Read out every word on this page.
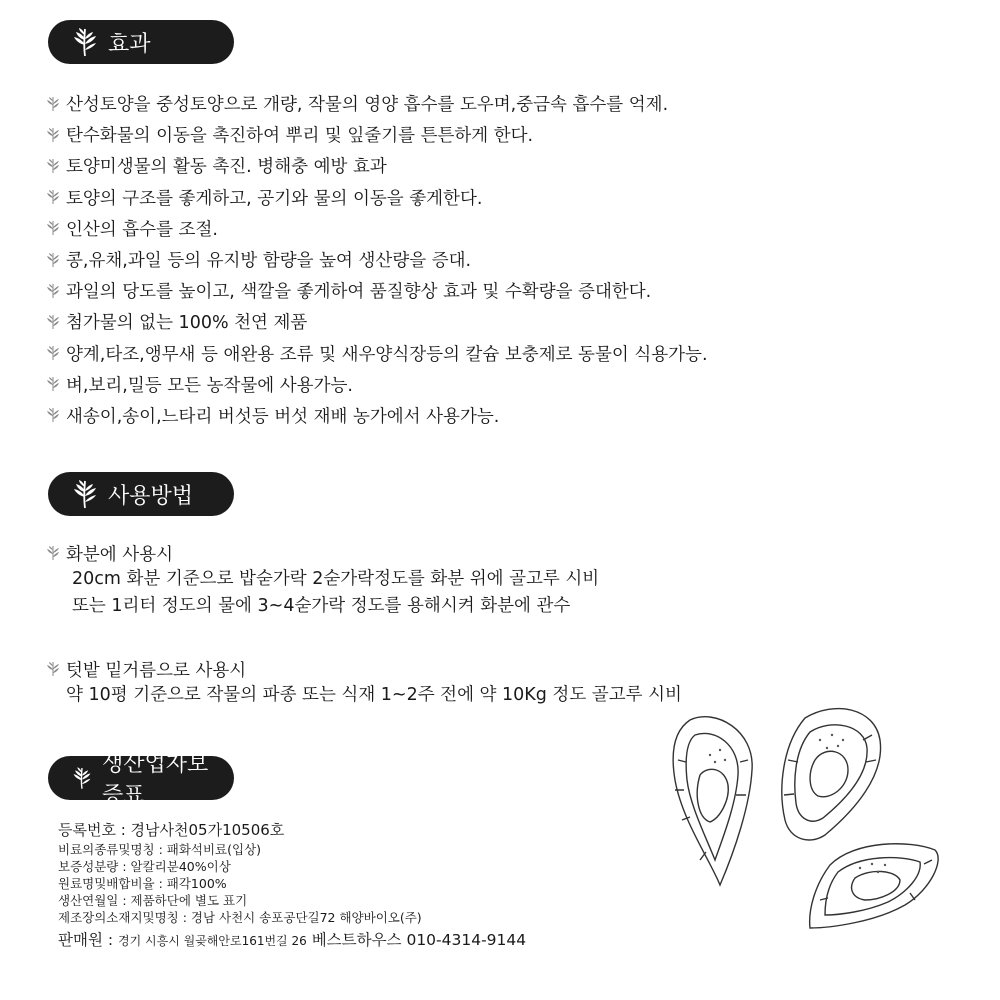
효과
산성토양을 중성토양으로 개량, 작물의 영양 흡수를 도우며,중금속 흡수를 억제.
탄수화물의 이동을 촉진하여 뿌리 및 잎줄기를 튼튼하게 한다.
토양미생물의 활동 촉진. 병해충 예방 효과
토양의 구조를 좋게하고, 공기와 물의 이동을 좋게한다.
인산의 흡수를 조절.
콩,유채,과일 등의 유지방 함량을 높여 생산량을 증대.
과일의 당도를 높이고, 색깔을 좋게하여 품질향상 효과 및 수확량을 증대한다.
첨가물의 없는 100% 천연 제품
양계,타조,앵무새 등 애완용 조류 및 새우양식장등의 칼슘 보충제로 동물이 식용가능.
벼,보리,밀등 모든 농작물에 사용가능.
새송이,송이,느타리 버섯등 버섯 재배 농가에서 사용가능.
사용방법
화분에 사용시
20cm 화분 기준으로 밥숟가락 2숟가락정도를 화분 위에 골고루 시비
또는 1리터 정도의 물에 3~4숟가락 정도를 용해시켜 화분에 관수
텃밭 밑거름으로 사용시
약 10평 기준으로 작물의 파종 또는 식재 1~2주 전에 약 10Kg 정도 골고루 시비
생산업자보증표
등록번호 : 경남사천05가10506호
비료의종류및명칭 : 패화석비료(입상)
보증성분량 : 알칼리분40%이상
원료명및배합비율 : 패각100%
생산연월일 : 제품하단에 별도 표기
제조장의소재지및명칭 : 경남 사천시 송포공단길72 해양바이오(주)
판매원 : 경기 시흥시 월곶해안로161번길 26 베스트하우스 010-4314-9144
